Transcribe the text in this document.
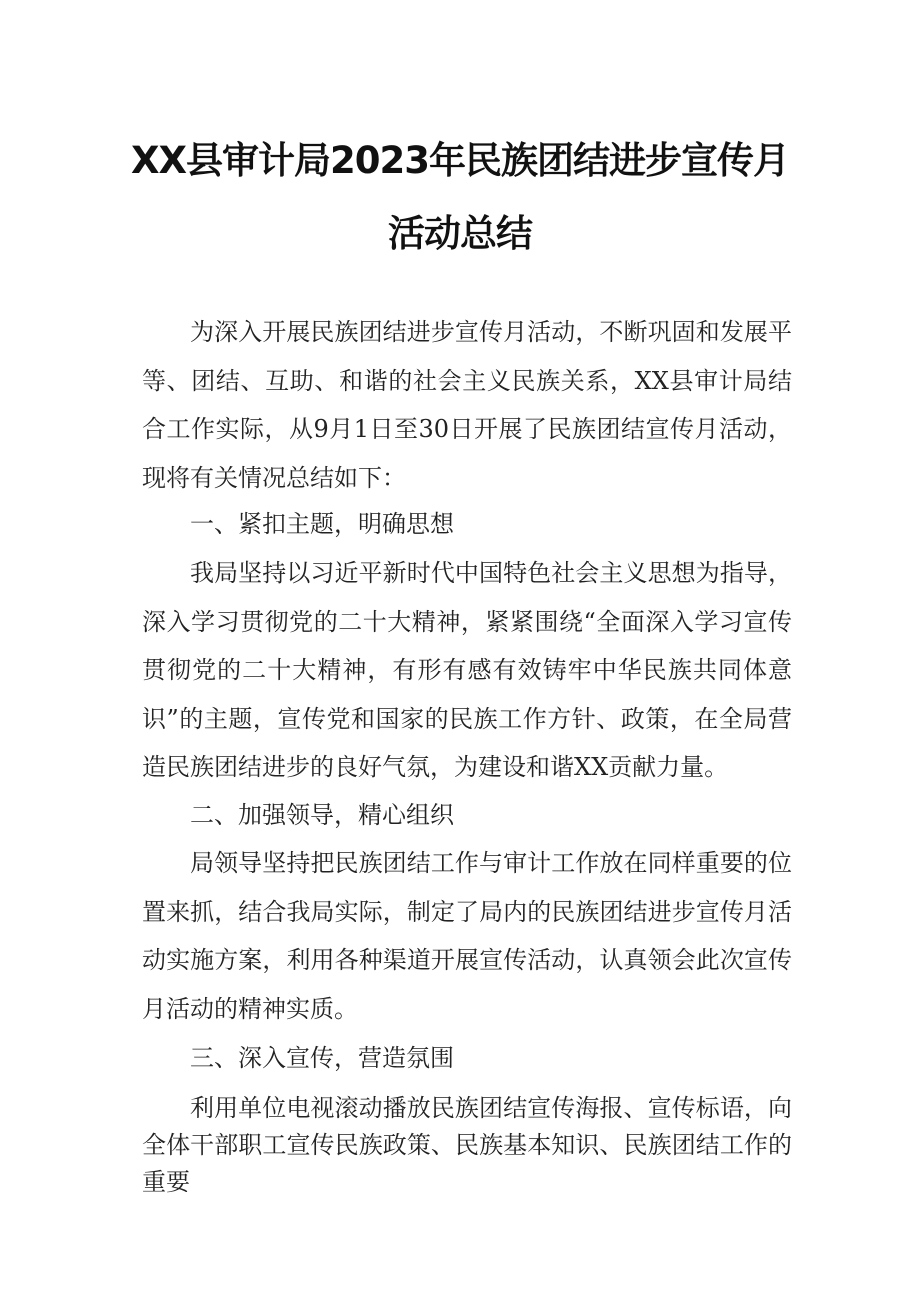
XX县审计局2023年民族团结进步宣传月
活动总结

为深入开展民族团结进步宣传月活动，不断巩固和发展平等、团结、互助、和谐的社会主义民族关系，XX县审计局结合工作实际，从9月1日至30日开展了民族团结宣传月活动，现将有关情况总结如下：

一、紧扣主题，明确思想

我局坚持以习近平新时代中国特色社会主义思想为指导，深入学习贯彻党的二十大精神，紧紧围绕“全面深入学习宣传贯彻党的二十大精神，有形有感有效铸牢中华民族共同体意识”的主题，宣传党和国家的民族工作方针、政策，在全局营造民族团结进步的良好气氛，为建设和谐XX贡献力量。

二、加强领导，精心组织

局领导坚持把民族团结工作与审计工作放在同样重要的位置来抓，结合我局实际，制定了局内的民族团结进步宣传月活动实施方案，利用各种渠道开展宣传活动，认真领会此次宣传月活动的精神实质。

三、深入宣传，营造氛围

利用单位电视滚动播放民族团结宣传海报、宣传标语，向全体干部职工宣传民族政策、民族基本知识、民族团结工作的重要
